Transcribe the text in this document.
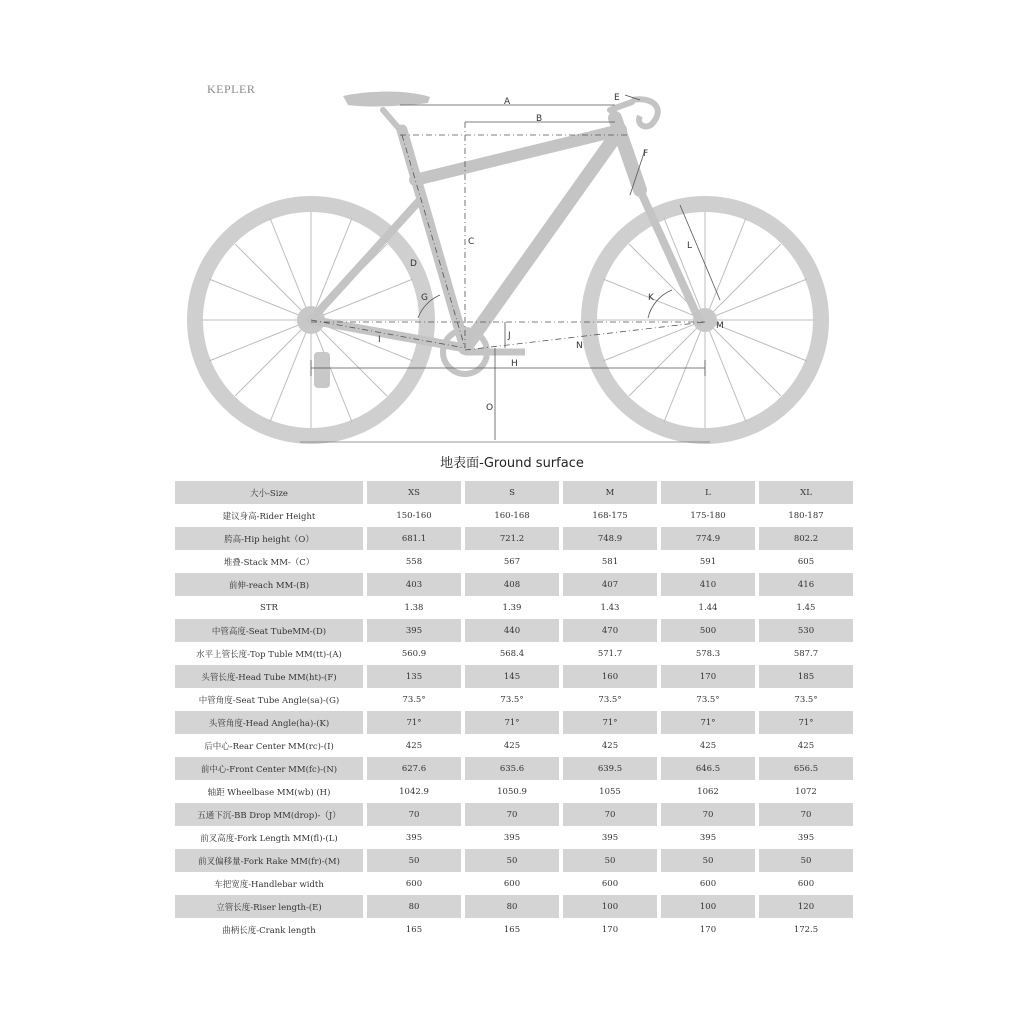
KEPLER
A
B
C
D
E
F
G
H
I	J
K
L
M
N
O
地表面-Ground surface
大小-Size	XS	S	M	L	XL
建议身高-Rider Height	150-160	160-168	168-175	175-180	180-187
胯高-Hip height（O）	681.1	721.2	748.9	774.9	802.2
堆叠-Stack MM-（C）	558	567	581	591	605
前伸-reach MM-(B)	403	408	407	410	416
STR	1.38	1.39	1.43	1.44	1.45
中管高度-Seat TubeMM-(D)	395	440	470	500	530
水平上管长度-Top Tuble MM(tt)-(A)	560.9	568.4	571.7	578.3	587.7
头管长度-Head Tube MM(ht)-(F)	135	145	160	170	185
中管角度-Seat Tube Angle(sa)-(G)	73.5°	73.5°	73.5°	73.5°	73.5°
头管角度-Head Angle(ha)-(K)	71°	71°	71°	71°	71°
后中心-Rear Center MM(rc)-(I)	425	425	425	425	425
前中心-Front Center MM(fc)-(N)	627.6	635.6	639.5	646.5	656.5
轴距 Wheelbase MM(wb) (H)	1042.9	1050.9	1055	1062	1072
五通下沉-BB Drop MM(drop)-（J）	70	70	70	70	70
前叉高度-Fork Length MM(fl)-(L)	395	395	395	395	395
前叉偏移量-Fork Rake MM(fr)-(M)	50	50	50	50	50
车把宽度-Handlebar width	600	600	600	600	600
立管长度-Riser length-(E)	80	80	100	100	120
曲柄长度-Crank length	165	165	170	170	172.5
